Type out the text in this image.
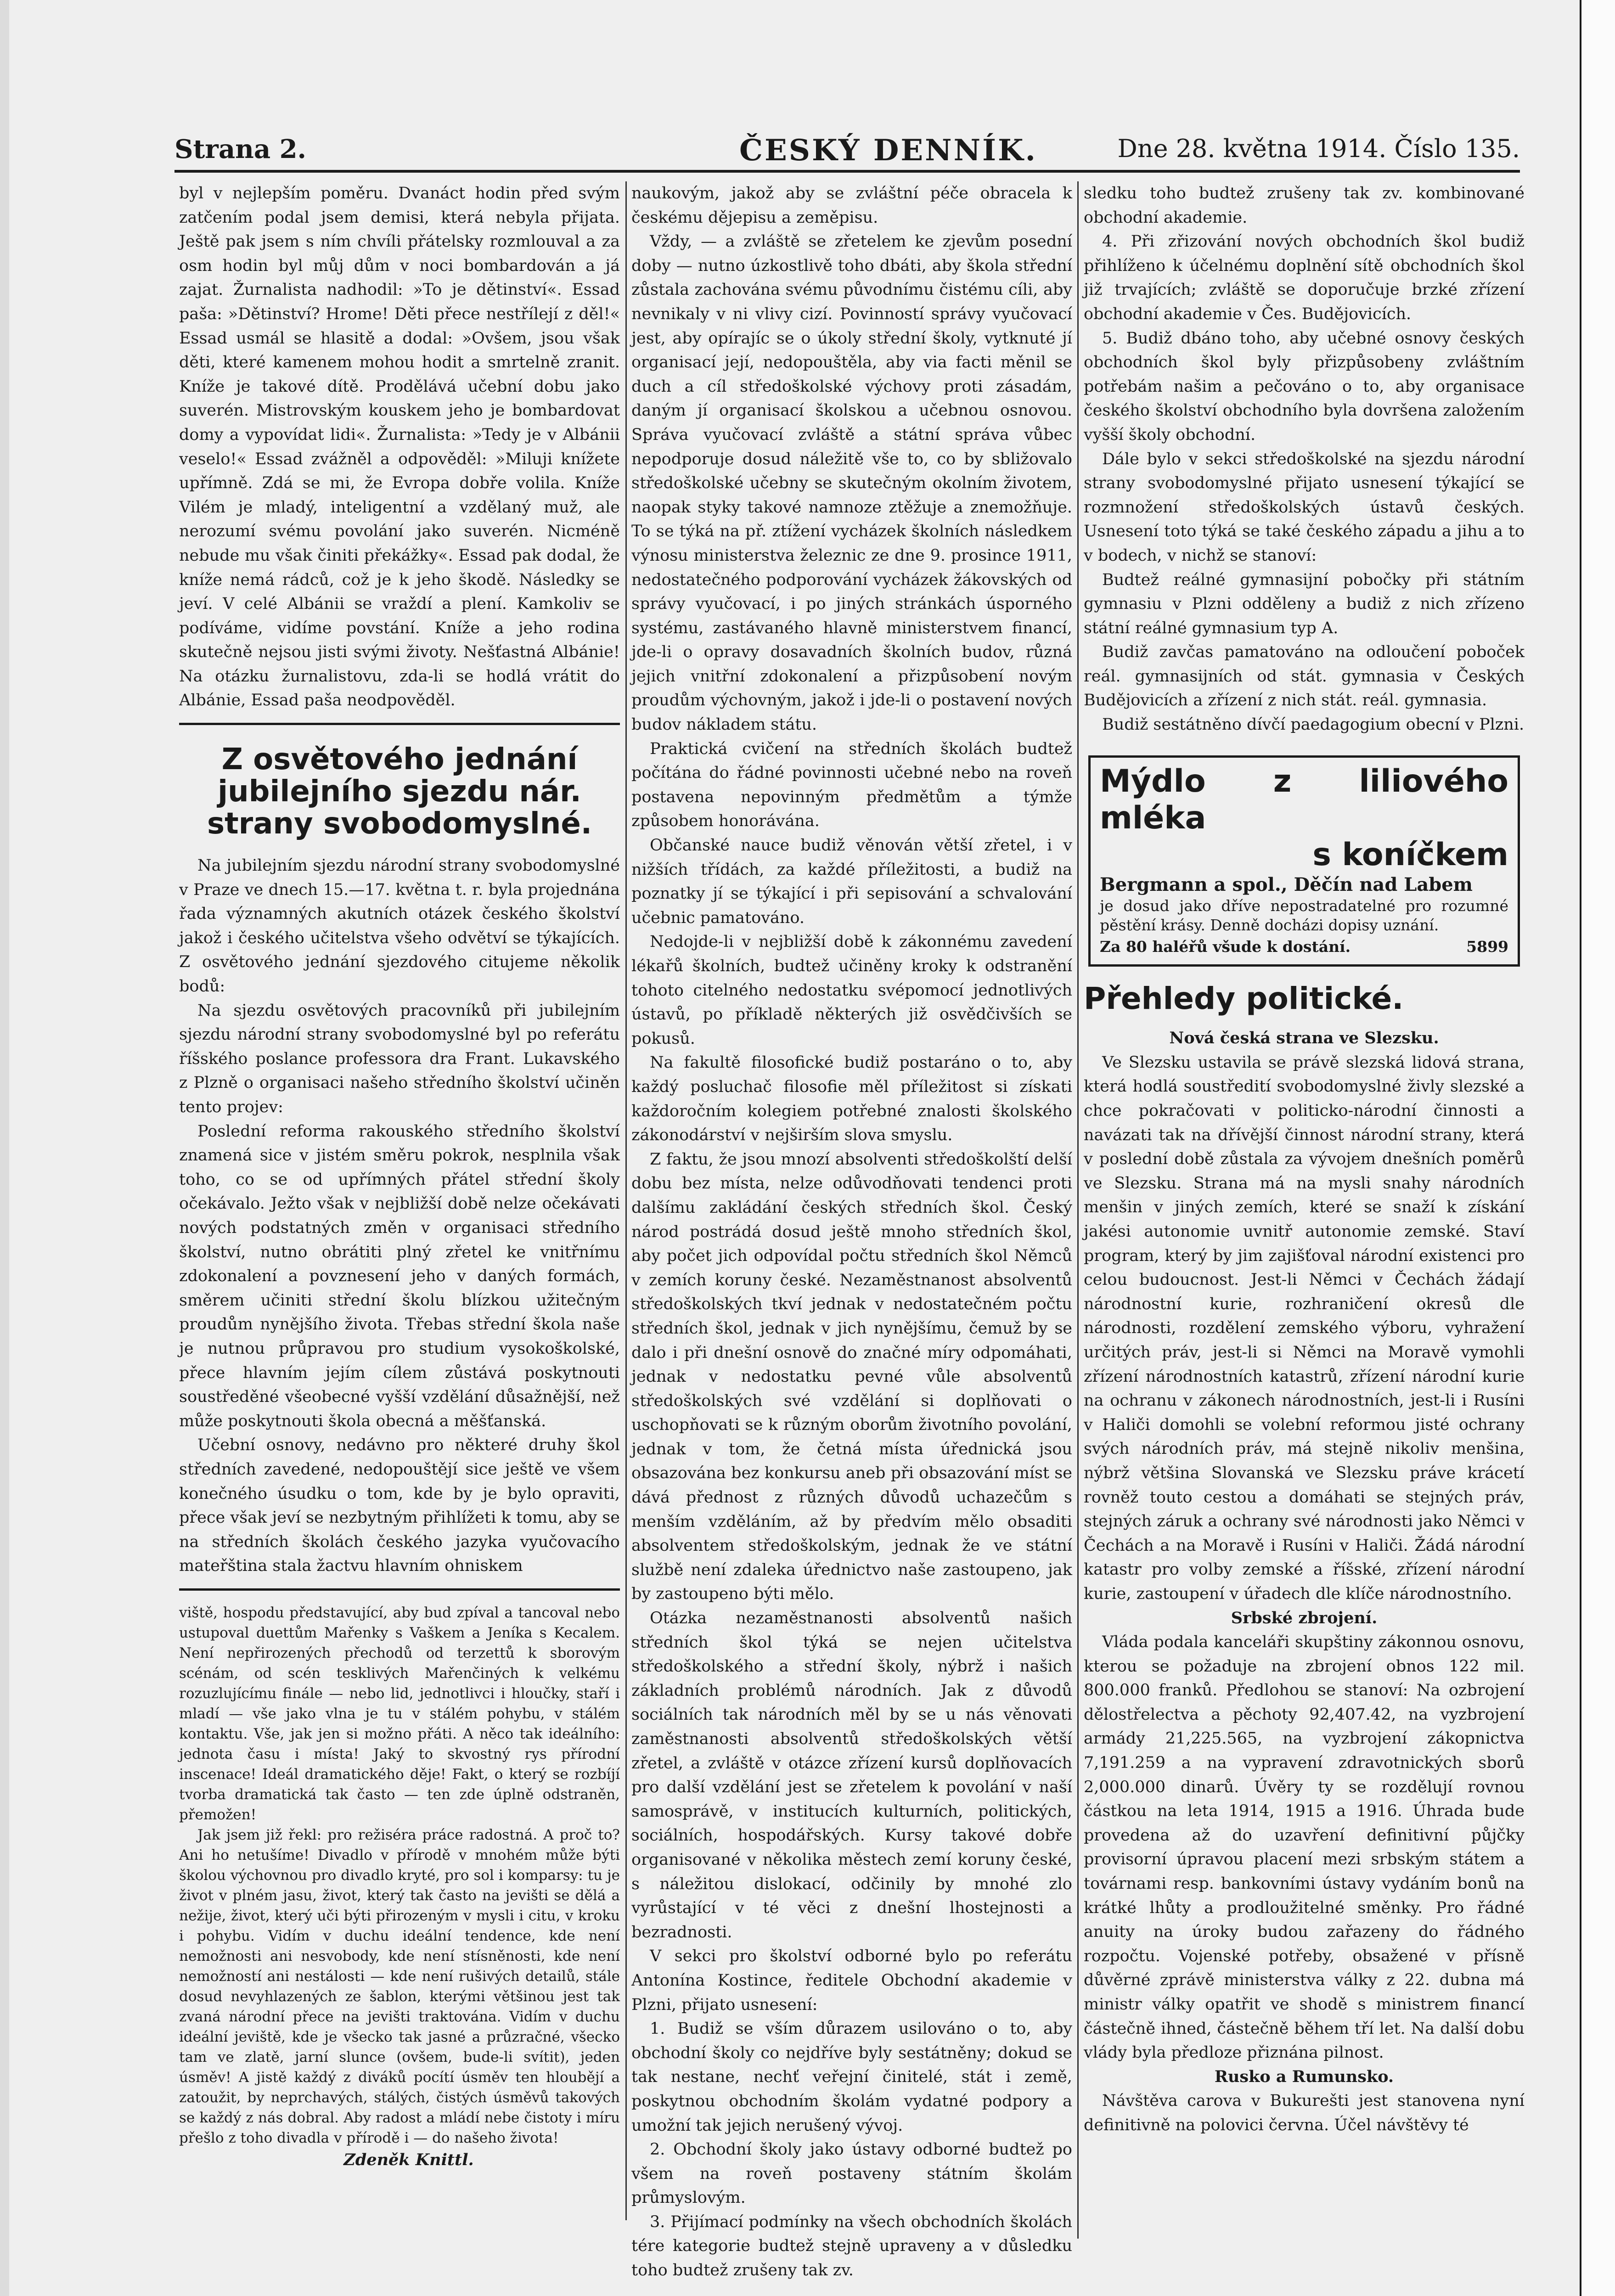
Strana 2.	ČESKÝ DENNÍK.	Dne 28. května 1914. Číslo 135.

byl v nejlepším poměru. Dvanáct hodin před svým zatčením podal jsem demisi, která nebyla přijata. Ještě pak jsem s ním chvíli přátelsky rozmlouval a za osm hodin byl můj dům v noci bombardován a já zajat. Žurnalista nadhodil: »To je dětinství«. Essad paša: »Dětinství? Hrome! Děti přece nestřílejí z děl!« Essad usmál se hlasitě a dodal: »Ovšem, jsou však děti, které kamenem mohou hodit a smrtelně zranit. Kníže je takové dítě. Prodělává učební dobu jako suverén. Mistrovským kouskem jeho je bombardovat domy a vypovídat lidi«. Žurnalista: »Tedy je v Albánii veselo!« Essad zvážněl a odpověděl: »Miluji knížete upřímně. Zdá se mi, že Evropa dobře volila. Kníže Vilém je mladý, inteligentní a vzdělaný muž, ale nerozumí svému povolání jako suverén. Nicméně nebude mu však činiti překážky«. Essad pak dodal, že kníže nemá rádců, což je k jeho škodě. Následky se jeví. V celé Albánii se vraždí a plení. Kamkoliv se podíváme, vidíme povstání. Kníže a jeho rodina skutečně nejsou jisti svými životy. Nešťastná Albánie! Na otázku žurnalistovu, zda-li se hodlá vrátit do Albánie, Essad paša neodpověděl.

Z osvětového jednání jubilejního sjezdu nár. strany svobodomyslné.

Na jubilejním sjezdu národní strany svobodomyslné v Praze ve dnech 15.—17. května t. r. byla projednána řada významných akutních otázek českého školství jakož i českého učitelstva všeho odvětví se týkajících. Z osvětového jednání sjezdového citujeme několik bodů:

Na sjezdu osvětových pracovníků při jubilejním sjezdu národní strany svobodomyslné byl po referátu říšského poslance professora dra Frant. Lukavského z Plzně o organisaci našeho středního školství učiněn tento projev:

Poslední reforma rakouského středního školství znamená sice v jistém směru pokrok, nesplnila však toho, co se od upřímných přátel střední školy očekávalo. Ježto však v nejbližší době nelze očekávati nových podstatných změn v organisaci středního školství, nutno obrátiti plný zřetel ke vnitřnímu zdokonalení a povznesení jeho v daných formách, směrem učiniti střední školu blízkou užitečným proudům nynějšího života. Třebas střední škola naše je nutnou průpravou pro studium vysokoškolské, přece hlavním jejím cílem zůstává poskytnouti soustředěné všeobecné vyšší vzdělání důsažnější, než může poskytnouti škola obecná a měšťanská.

Učební osnovy, nedávno pro některé druhy škol středních zavedené, nedopouštějí sice ještě ve všem konečného úsudku o tom, kde by je bylo opraviti, přece však jeví se nezbytným přihlížeti k tomu, aby se na středních školách českého jazyka vyučovacího mateřština stala žactvu hlavním ohniskem

viště, hospodu představující, aby bud zpíval a tancoval nebo ustupoval duettům Mařenky s Vaškem a Jeníka s Kecalem. Není nepřirozených přechodů od terzettů k sborovým scénám, od scén tesklivých Mařenčiných k velkému rozuzlujícímu finále — nebo lid, jednotlivci i hloučky, staří i mladí — vše jako vlna je tu v stálém pohybu, v stálém kontaktu. Vše, jak jen si možno přáti. A něco tak ideálního: jednota času i místa! Jaký to skvostný rys přírodní inscenace! Ideál dramatického děje! Fakt, o který se rozbíjí tvorba dramatická tak často — ten zde úplně odstraněn, přemožen!

Jak jsem již řekl: pro režiséra práce radostná. A proč to? Ani ho netušíme! Divadlo v přírodě v mnohém může býti školou výchovnou pro divadlo kryté, pro sol i komparsy: tu je život v plném jasu, život, který tak často na jevišti se dělá a nežije, život, který uči býti přirozeným v mysli i citu, v kroku i pohybu. Vidím v duchu ideální tendence, kde není nemožnosti ani nesvobody, kde není stísněnosti, kde není nemožností ani nestálosti — kde není rušivých detailů, stále dosud nevyhlazených ze šablon, kterými většinou jest tak zvaná národní přece na jevišti traktována. Vidím v duchu ideální jeviště, kde je všecko tak jasné a průzračné, všecko tam ve zlatě, jarní slunce (ovšem, bude-li svítit), jeden úsměv! A jistě každý z diváků pocítí úsměv ten hloubějí a zatoužit, by neprchavých, stálých, čistých úsměvů takových se každý z nás dobral. Aby radost a mládí nebe čistoty i míru přešlo z toho divadla v přírodě i — do našeho života!

Zdeněk Knittl.

naukovým, jakož aby se zvláštní péče obracela k českému dějepisu a zeměpisu.

Vždy, — a zvláště se zřetelem ke zjevům posední doby — nutno úzkostlivě toho dbáti, aby škola střední zůstala zachována svému původnímu čistému cíli, aby nevnikaly v ni vlivy cizí. Povinností správy vyučovací jest, aby opírajíc se o úkoly střední školy, vytknuté jí organisací její, nedopouštěla, aby via facti měnil se duch a cíl středoškolské výchovy proti zásadám, daným jí organisací školskou a učebnou osnovou. Správa vyučovací zvláště a státní správa vůbec nepodporuje dosud náležitě vše to, co by sbližovalo středoškolské učebny se skutečným okolním životem, naopak styky takové namnoze ztěžuje a znemožňuje. To se týká na př. ztížení vycházek školních následkem výnosu ministerstva železnic ze dne 9. prosince 1911, nedostatečného podporování vycházek žákovských od správy vyučovací, i po jiných stránkách úsporného systému, zastávaného hlavně ministerstvem financí, jde-li o opravy dosavadních školních budov, různá jejich vnitřní zdokonalení a přizpůsobení novým proudům výchovným, jakož i jde-li o postavení nových budov nákladem státu.

Praktická cvičení na středních školách budtež počítána do řádné povinnosti učebné nebo na roveň postavena nepovinným předmětům a týmže způsobem honorávána.

Občanské nauce budiž věnován větší zřetel, i v nižších třídách, za každé příležitosti, a budiž na poznatky jí se týkající i při sepisování a schvalování učebnic pamatováno.

Nedojde-li v nejbližší době k zákonnému zavedení lékařů školních, budtež učiněny kroky k odstranění tohoto citelného nedostatku svépomocí jednotlivých ústavů, po příkladě některých již osvědčivších se pokusů.

Na fakultě filosofické budiž postaráno o to, aby každý posluchač filosofie měl příležitost si získati každoročním kolegiem potřebné znalosti školského zákonodárství v nejširším slova smyslu.

Z faktu, že jsou mnozí absolventi středoškolští delší dobu bez místa, nelze odůvodňovati tendenci proti dalšímu zakládání českých středních škol. Český národ postrádá dosud ještě mnoho středních škol, aby počet jich odpovídal počtu středních škol Němců v zemích koruny české. Nezaměstnanost absolventů středoškolských tkví jednak v nedostatečném počtu středních škol, jednak v jich nynějšímu, čemuž by se dalo i při dnešní osnově do značné míry odpomáhati, jednak v nedostatku pevné vůle absolventů středoškolských své vzdělání si doplňovati o uschopňovati se k různým oborům životního povolání, jednak v tom, že četná místa úřednická jsou obsazována bez konkursu aneb při obsazování míst se dává přednost z různých důvodů uchazečům s menším vzděláním, až by předvím mělo obsaditi absolventem středoškolským, jednak že ve státní službě není zdaleka úřednictvo naše zastoupeno, jak by zastoupeno býti mělo.

Otázka nezaměstnanosti absolventů našich středních škol týká se nejen učitelstva středoškolského a střední školy, nýbrž i našich základních problémů národních. Jak z důvodů sociálních tak národních měl by se u nás věnovati zaměstnanosti absolventů středoškolských větší zřetel, a zvláště v otázce zřízení kursů doplňovacích pro další vzdělání jest se zřetelem k povolání v naší samosprávě, v institucích kulturních, politických, sociálních, hospodářských. Kursy takové dobře organisované v několika městech zemí koruny české, s náležitou dislokací, odčinily by mnohé zlo vyrůstající v té věci z dnešní lhostejnosti a bezradnosti.

V sekci pro školství odborné bylo po referátu Antonína Kostince, ředitele Obchodní akademie v Plzni, přijato usnesení:

1. Budiž se vším důrazem usilováno o to, aby obchodní školy co nejdříve byly sestátněny; dokud se tak nestane, nechť veřejní činitelé, stát i země, poskytnou obchodním školám vydatné podpory a umožní tak jejich nerušený vývoj.

2. Obchodní školy jako ústavy odborné budtež po všem na roveň postaveny státním školám průmyslovým.

3. Přijímací podmínky na všech obchodních školách tére kategorie budtež stejně upraveny a v důsledku toho budtež zrušeny tak zv.

sledku toho budtež zrušeny tak zv. kombinované obchodní akademie.

4. Při zřizování nových obchodních škol budiž přihlíženo k účelnému doplnění sítě obchodních škol již trvajících; zvláště se doporučuje brzké zřízení obchodní akademie v Čes. Budějovicích.

5. Budiž dbáno toho, aby učebné osnovy českých obchodních škol byly přizpůsobeny zvláštním potřebám našim a pečováno o to, aby organisace českého školství obchodního byla dovršena založením vyšší školy obchodní.

Dále bylo v sekci středoškolské na sjezdu národní strany svobodomyslné přijato usnesení týkající se rozmnožení středoškolských ústavů českých. Usnesení toto týká se také českého západu a jihu a to v bodech, v nichž se stanoví:

Budtež reálné gymnasijní pobočky při státním gymnasiu v Plzni odděleny a budiž z nich zřízeno státní reálné gymnasium typ A.

Budiž zavčas pamatováno na odloučení poboček reál. gymnasijních od stát. gymnasia v Českých Budějovicích a zřízení z nich stát. reál. gymnasia.

Budiž sestátněno dívčí paedagogium obecní v Plzni.

Mýdlo z liliového mléka
s koníčkem
Bergmann a spol., Děčín nad Labem
je dosud jako dříve nepostradatelné pro rozumné pěstění krásy. Denně docházi dopisy uznání.
Za 80 haléřů všude k dostání.	5899
Přehledy politické.

Nová česká strana ve Slezsku.

Ve Slezsku ustavila se právě slezská lidová strana, která hodlá soustředití svobodomyslné živly slezské a chce pokračovati v politicko-národní činnosti a navázati tak na dřívější činnost národní strany, která v poslední době zůstala za vývojem dnešních poměrů ve Slezsku. Strana má na mysli snahy národních menšin v jiných zemích, které se snaží k získání jakési autonomie uvnitř autonomie zemské. Staví program, který by jim zajišťoval národní existenci pro celou budoucnost. Jest-li Němci v Čechách žádají národnostní kurie, rozhraničení okresů dle národnosti, rozdělení zemského výboru, vyhražení určitých práv, jest-li si Němci na Moravě vymohli zřízení národnostních katastrů, zřízení národní kurie na ochranu v zákonech národnostních, jest-li i Rusíni v Haliči domohli se volební reformou jisté ochrany svých národních práv, má stejně nikoliv menšina, nýbrž většina Slovanská ve Slezsku práve krácetí rovněž touto cestou a domáhati se stejných práv, stejných záruk a ochrany své národnosti jako Němci v Čechách a na Moravě i Rusíni v Haliči. Žádá národní katastr pro volby zemské a říšské, zřízení národní kurie, zastoupení v úřadech dle klíče národnostního.

Srbské zbrojení.

Vláda podala kanceláři skupštiny zákonnou osnovu, kterou se požaduje na zbrojení obnos 122 mil. 800.000 franků. Předlohou se stanoví: Na ozbrojení dělostřelectva a pěchoty 92,407.42, na vyzbrojení armády 21,225.565, na vyzbrojení zákopnictva 7,191.259 a na vypravení zdravotnických sborů 2,000.000 dinarů. Úvěry ty se rozdělují rovnou částkou na leta 1914, 1915 a 1916. Úhrada bude provedena až do uzavření definitivní půjčky provisorní úpravou placení mezi srbským státem a továrnami resp. bankovními ústavy vydáním bonů na krátké lhůty a prodloužitelné směnky. Pro řádné anuity na úroky budou zařazeny do řádného rozpočtu. Vojenské potřeby, obsažené v přísně důvěrné zprávě ministerstva války z 22. dubna má ministr války opatřit ve shodě s ministrem financí částečně ihned, částečně během tří let. Na další dobu vlády byla předloze přiznána pilnost.

Rusko a Rumunsko.

Návštěva carova v Bukurešti jest stanovena nyní definitivně na polovici června. Účel návštěvy té
